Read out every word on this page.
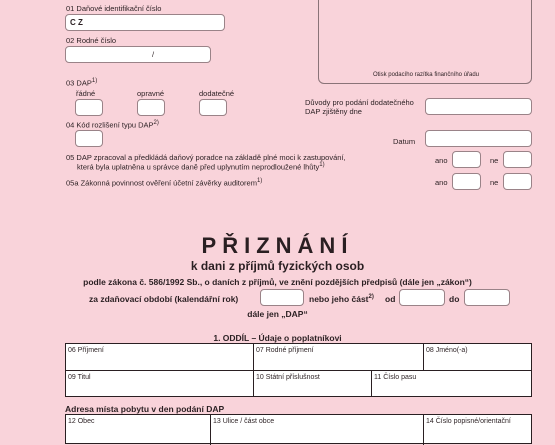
01 Daňové identifikační číslo
C Z
02 Rodné číslo
/
03 DAP$^{1)}$
řádné	opravné	dodatečné
04 Kód rozlišení typu DAP$^{2)}$
05 DAP zpracoval a předkládá daňový poradce na základě plné moci k zastupování,
která byla uplatněna u správce daně před uplynutím neprodloužené lhůty$^{1)}$	ano	ne
05a Zákonná povinnost ověření účetní závěrky auditorem$^{1)}$	ano	ne
Otisk podacího razítka finančního úřadu
Důvody pro podání dodatečného
DAP zjištěny dne
Datum
PŘIZNÁNÍ
k dani z příjmů fyzických osob
podle zákona č. 586/1992 Sb., o daních z příjmů, ve znění pozdějších předpisů (dále jen „zákon“)
za zdaňovací období (kalendářní rok)	nebo jeho část$^{2)}$ od	do
dále jen „DAP“
1. ODDÍL – Údaje o poplatníkovi
06 Příjmení	07 Rodné příjmení	08 Jméno(-a)
09 Titul	10 Státní příslušnost	11 Číslo pasu
Adresa místa pobytu v den podání DAP
12 Obec	13 Ulice / část obce	14 Číslo popisné/orientační
